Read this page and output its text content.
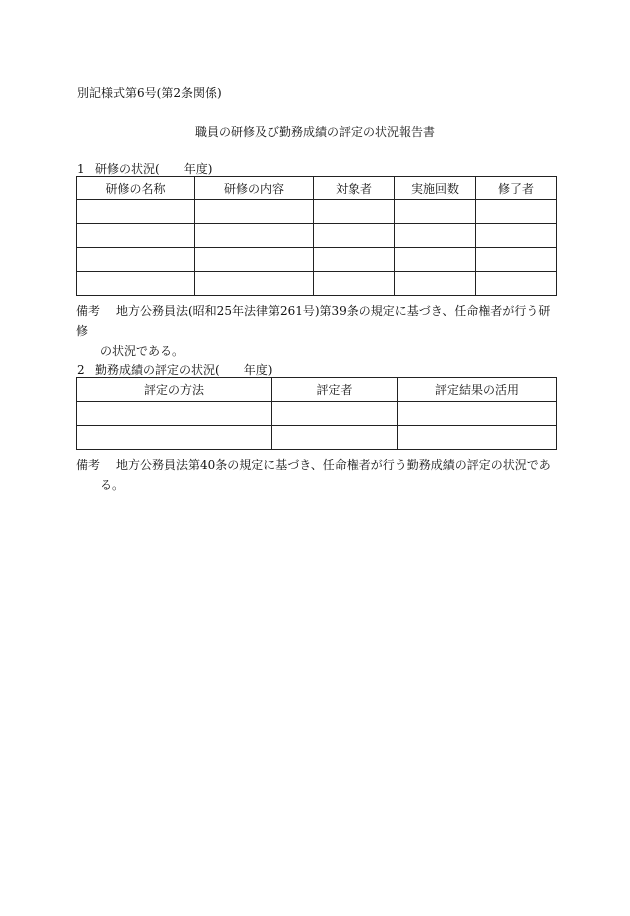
別記様式第6号(第2条関係)
職員の研修及び勤務成績の評定の状況報告書
1 研修の状況( 年度)
研修の名称	研修の内容	対象者	実施回数	修了者

備考 地方公務員法(昭和25年法律第261号)第39条の規定に基づき、任命権者が行う研修
の状況である。
2 勤務成績の評定の状況( 年度)
評定の方法	評定者	評定結果の活用

備考 地方公務員法第40条の規定に基づき、任命権者が行う勤務成績の評定の状況であ
る。
